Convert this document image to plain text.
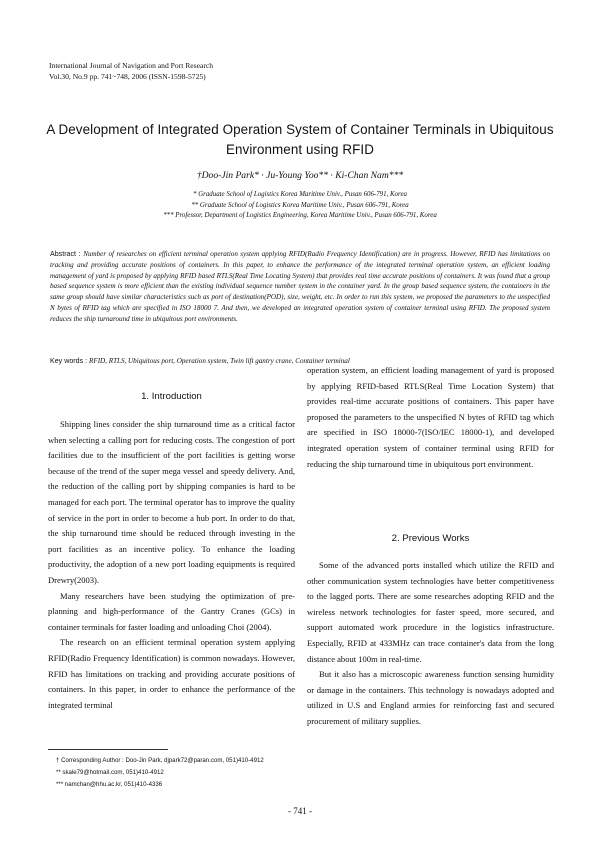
International Journal of Navigation and Port Research
Vol.30, No.9 pp. 741~748, 2006 (ISSN-1598-5725)
A Development of Integrated Operation System of Container Terminals in Ubiquitous
Environment using RFID
†Doo-Jin Park* · Ju-Young Yoo** · Ki-Chan Nam***
* Graduate School of Logistics Korea Maritime Univ., Pusan 606-791, Korea
** Graduate School of Logistics Korea Maritime Univ., Pusan 606-791, Korea
*** Professor, Department of Logistics Engineering, Korea Maritime Univ., Pusan 606-791, Korea
Abstract : Number of researches on efficient terminal operation system applying RFID(Radio Frequency Identification) are in progress. However, RFID has limitations on tracking and providing accurate positions of containers. In this paper, to enhance the performance of the integrated terminal operation system, an efficient loading management of yard is proposed by applying RFID based RTLS(Real Time Locating System) that provides real time accurate positions of containers. It was found that a group based sequence system is more efficient than the existing individual sequence number system in the container yard. In the group based sequence system, the containers in the same group should have similar characteristics such as port of destination(POD), size, weight, etc. In order to run this system, we proposed the parameters to the unspecified N bytes of RFID tag which are specified in ISO 18000 7. And then, we developed an integrated operation system of container terminal using RFID. The proposed system reduces the ship turnaround time in ubiquitous port environments.
Key words : RFID, RTLS, Ubiquitous port, Operation system, Twin lift gantry crane, Container terminal
1. Introduction

Shipping lines consider the ship turnaround time as a critical factor when selecting a calling port for reducing costs. The congestion of port facilities due to the insufficient of the port facilities is getting worse because of the trend of the super mega vessel and speedy delivery. And, the reduction of the calling port by shipping companies is hard to be managed for each port. The terminal operator has to improve the quality of service in the port in order to become a hub port. In order to do that, the ship turnaround time should be reduced through investing in the port facilities as an incentive policy. To enhance the loading productivity, the adoption of a new port loading equipments is required Drewry(2003).

Many researchers have been studying the optimization of pre-planning and high-performance of the Gantry Cranes (GCs) in container terminals for faster loading and unloading Choi (2004).

The research on an efficient terminal operation system applying RFID(Radio Frequency Identification) is common nowadays. However, RFID has limitations on tracking and providing accurate positions of containers. In this paper, in order to enhance the performance of the integrated terminal

operation system, an efficient loading management of yard is proposed by applying RFID-based RTLS(Real Time Location System) that provides real-time accurate positions of containers. This paper have proposed the parameters to the unspecified N bytes of RFID tag which are specified in ISO 18000-7(ISO/IEC 18000-1), and developed integrated operation system of container terminal using RFID for reducing the ship turnaround time in ubiquitous port environment.

2. Previous Works

Some of the advanced ports installed which utilize the RFID and other communication system technologies have better competitiveness to the lagged ports. There are some researches adopting RFID and the wireless network technologies for faster speed, more secured, and support automated work procedure in the logistics infrastructure. Especially, RFID at 433MHz can trace container's data from the long distance about 100m in real-time.

But it also has a microscopic awareness function sensing humidity or damage in the containers. This technology is nowadays adopted and utilized in U.S and England armies for reinforcing fast and secured procurement of military supplies.

† Corresponding Author : Doo-Jin Park, djpark72@paran.com, 051)410-4912
** skale79@hotmail.com, 051)410-4912
*** namchan@hhu.ac.kr, 051)410-4336
- 741 -
